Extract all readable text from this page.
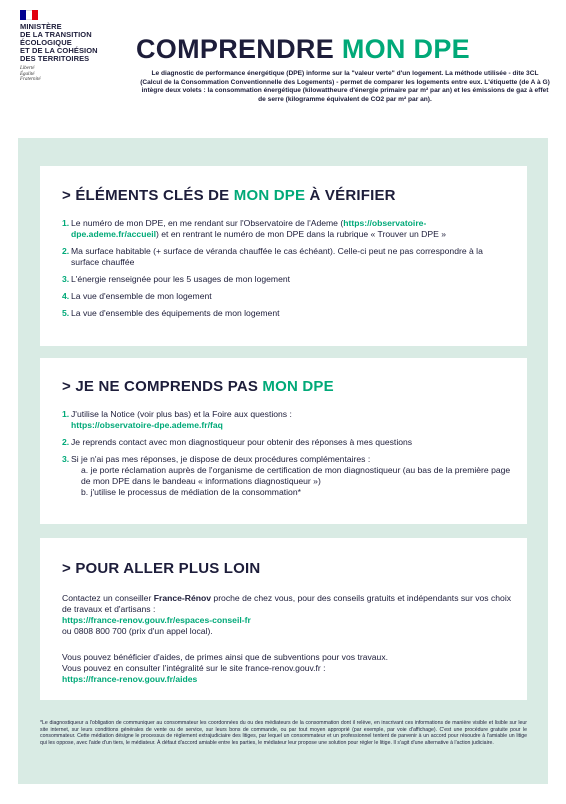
MINISTÈRE
DE LA TRANSITION
ÉCOLOGIQUE
ET DE LA COHÉSION
DES TERRITOIRES
Liberté
Égalité
Fraternité
COMPRENDRE MON DPE
Le diagnostic de performance énergétique (DPE) informe sur la "valeur verte" d'un logement. La méthode utilisée - dite 3CL (Calcul de la Consommation Conventionnelle des Logements) - permet de comparer les logements entre eux. L'étiquette (de A à G) intègre deux volets : la consommation énergétique (kilowattheure d'énergie primaire par m² par an) et les émissions de gaz à effet de serre (kilogramme équivalent de CO2 par m² par an).
> ÉLÉMENTS CLÉS DE MON DPE À VÉRIFIER
1. Le numéro de mon DPE, en me rendant sur l'Observatoire de l'Ademe (https://observatoire-dpe.ademe.fr/accueil) et en rentrant le numéro de mon DPE dans la rubrique « Trouver un DPE »
2. Ma surface habitable (+ surface de véranda chauffée le cas échéant). Celle-ci peut ne pas correspondre à la surface chauffée
3. L'énergie renseignée pour les 5 usages de mon logement
4. La vue d'ensemble de mon logement
5. La vue d'ensemble des équipements de mon logement
> JE NE COMPRENDS PAS MON DPE
1. J'utilise la Notice (voir plus bas) et la Foire aux questions :
https://observatoire-dpe.ademe.fr/faq
2. Je reprends contact avec mon diagnostiqueur pour obtenir des réponses à mes questions
3. Si je n'ai pas mes réponses, je dispose de deux procédures complémentaires :
a. je porte réclamation auprès de l'organisme de certification de mon diagnostiqueur (au bas de la première page de mon DPE dans le bandeau « informations diagnostiqueur »)
b. j'utilise le processus de médiation de la consommation*
> POUR ALLER PLUS LOIN

Contactez un conseiller France-Rénov proche de chez vous, pour des conseils gratuits et indépendants sur vos choix de travaux et d'artisans :

https://france-renov.gouv.fr/espaces-conseil-fr

ou 0808 800 700 (prix d'un appel local).

Vous pouvez bénéficier d'aides, de primes ainsi que de subventions pour vos travaux.

Vous pouvez en consulter l'intégralité sur le site france-renov.gouv.fr :

https://france-renov.gouv.fr/aides

*Le diagnostiqueur a l'obligation de communiquer au consommateur les coordonnées du ou des médiateurs de la consommation dont il relève, en inscrivant ces informations de manière visible et lisible sur leur site internet, sur leurs conditions générales de vente ou de service, sur leurs bons de commande, ou par tout moyen approprié (par exemple, par voie d'affichage). C'est une procédure gratuite pour le consommateur. Cette médiation désigne le processus de règlement extrajudiciaire des litiges, par lequel un consommateur et un professionnel tentent de parvenir à un accord pour résoudre à l'amiable un litige qui les oppose, avec l'aide d'un tiers, le médiateur. À défaut d'accord amiable entre les parties, le médiateur leur propose une solution pour régler le litige. Il s'agit d'une alternative à l'action judiciaire.
